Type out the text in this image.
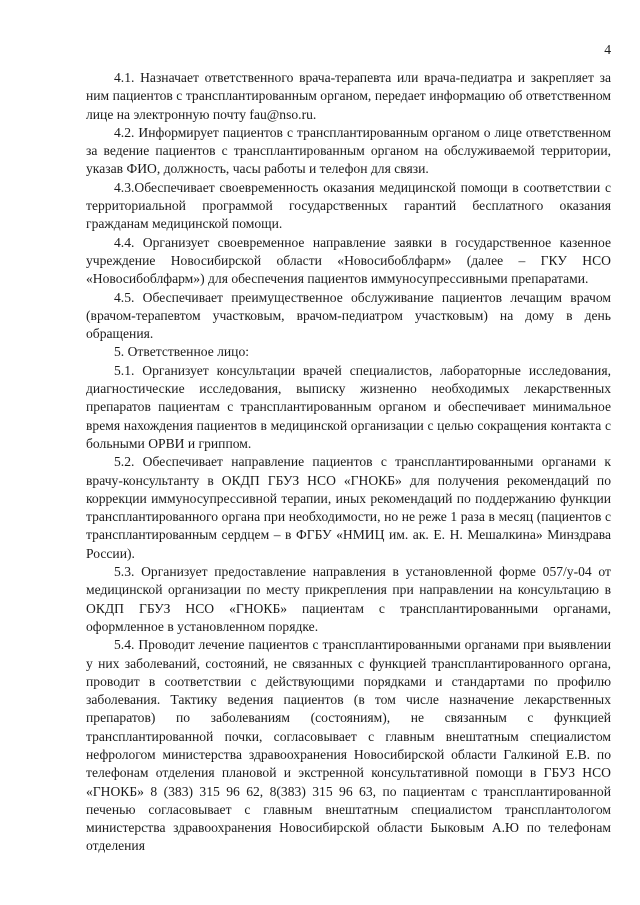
4

4.1. Назначает ответственного врача-терапевта или врача-педиатра и закрепляет за ним пациентов с трансплантированным органом, передает информацию об ответственном лице на электронную почту fau@nso.ru.

4.2. Информирует пациентов с трансплантированным органом о лице ответственном за ведение пациентов с трансплантированным органом на обслуживаемой территории, указав ФИО, должность, часы работы и телефон для связи.

4.3.Обеспечивает своевременность оказания медицинской помощи в соответствии с территориальной программой государственных гарантий бесплатного оказания гражданам медицинской помощи.

4.4. Организует своевременное направление заявки в государственное казенное учреждение Новосибирской области «Новосибоблфарм» (далее – ГКУ НСО «Новосибоблфарм») для обеспечения пациентов иммуносупрессивными препаратами.

4.5. Обеспечивает преимущественное обслуживание пациентов лечащим врачом (врачом-терапевтом участковым, врачом-педиатром участковым) на дому в день обращения.

5. Ответственное лицо:

5.1. Организует консультации врачей специалистов, лабораторные исследования, диагностические исследования, выписку жизненно необходимых лекарственных препаратов пациентам с трансплантированным органом и обеспечивает минимальное время нахождения пациентов в медицинской организации с целью сокращения контакта с больными ОРВИ и гриппом.

5.2. Обеспечивает направление пациентов с трансплантированными органами к врачу-консультанту в ОКДП ГБУЗ НСО «ГНОКБ» для получения рекомендаций по коррекции иммуносупрессивной терапии, иных рекомендаций по поддержанию функции трансплантированного органа при необходимости, но не реже 1 раза в месяц (пациентов с трансплантированным сердцем – в ФГБУ «НМИЦ им. ак. Е. Н. Мешалкина» Минздрава России).

5.3. Организует предоставление направления в установленной форме 057/у-04 от медицинской организации по месту прикрепления при направлении на консультацию в ОКДП ГБУЗ НСО «ГНОКБ» пациентам с трансплантированными органами, оформленное в установленном порядке.

5.4. Проводит лечение пациентов с трансплантированными органами при выявлении у них заболеваний, состояний, не связанных с функцией трансплантированного органа, проводит в соответствии с действующими порядками и стандартами по профилю заболевания. Тактику ведения пациентов (в том числе назначение лекарственных препаратов) по заболеваниям (состояниям), не связанным с функцией трансплантированной почки, согласовывает с главным внештатным специалистом нефрологом министерства здравоохранения Новосибирской области Галкиной Е.В. по телефонам отделения плановой и экстренной консультативной помощи в ГБУЗ НСО «ГНОКБ» 8 (383) 315 96 62, 8(383) 315 96 63, по пациентам с трансплантированной печенью согласовывает с главным внештатным специалистом трансплантологом министерства здравоохранения Новосибирской области Быковым А.Ю по телефонам отделения
